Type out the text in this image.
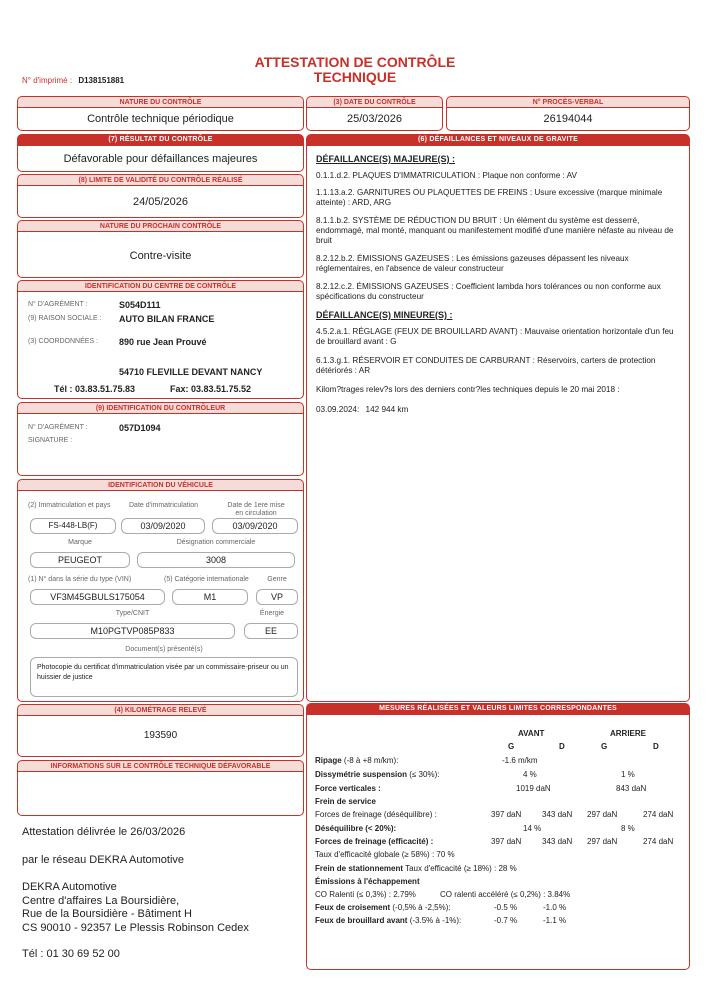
ATTESTATION DE CONTRÔLE
TECHNIQUE
N° d'imprimé : D138151881
NATURE DU CONTRÔLE
Contrôle technique périodique
(3) DATE DU CONTRÔLE
25/03/2026
N° PROCÈS-VERBAL
26194044
(7) RÉSULTAT DU CONTRÔLE
Défavorable pour défaillances majeures
(8) LIMITE DE VALIDITÉ DU CONTRÔLE RÉALISÉ
24/05/2026
NATURE DU PROCHAIN CONTRÔLE
Contre-visite
IDENTIFICATION DU CENTRE DE CONTRÔLE
N° D'AGRÉMENT :	S054D111
(9) RAISON SOCIALE : AUTO BILAN FRANCE
(3) COORDONNÉES : 890 rue Jean Prouvé
54710 FLEVILLE DEVANT NANCY
Tél : 03.83.51.75.83	Fax: 03.83.51.75.52
(9) IDENTIFICATION DU CONTRÔLEUR
N° D'AGRÉMENT :	057D1094
SIGNATURE :
IDENTIFICATION DU VÉHICULE
(2) Immatriculation et pays	Date d'immatriculation	Date de 1ere mise
en circulation
FS-448-LB(F)	03/09/2020	03/09/2020
Marque	Désignation commerciale
PEUGEOT	3008
(1) N° dans la série du type (VIN)	(5) Catégorie internationale	Genre
VF3M45GBULS175054	M1	VP
Type/CNIT	Énergie
M10PGTVP085P833	EE
Document(s) présenté(s)
Photocopie du certificat d'immatriculation visée par un commissaire-priseur ou un huissier de justice
(4) KILOMÉTRAGE RELEVÉ
193590
INFORMATIONS SUR LE CONTRÔLE TECHNIQUE DÉFAVORABLE
Attestation délivrée le 26/03/2026
par le réseau DEKRA Automotive
DEKRA Automotive
Centre d'affaires La Boursidière,
Rue de la Boursidière - Bâtiment H
CS 90010 - 92357 Le Plessis Robinson Cedex
Tél : 01 30 69 52 00
(6) DÉFAILLANCES ET NIVEAUX DE GRAVITE
DÉFAILLANCE(S) MAJEURE(S) :
0.1.1.d.2. PLAQUES D'IMMATRICULATION : Plaque non conforme : AV
1.1.13.a.2. GARNITURES OU PLAQUETTES DE FREINS : Usure excessive (marque minimale atteinte) : ARD, ARG
8.1.1.b.2. SYSTÈME DE RÉDUCTION DU BRUIT : Un élément du système est desserré, endommagé, mal monté, manquant ou manifestement modifié d'une manière néfaste au niveau de bruit
8.2.12.b.2. ÉMISSIONS GAZEUSES : Les émissions gazeuses dépassent les niveaux réglementaires, en l'absence de valeur constructeur
8.2.12.c.2. ÉMISSIONS GAZEUSES : Coefficient lambda hors tolérances ou non conforme aux spécifications du constructeur
DÉFAILLANCE(S) MINEURE(S) :
4.5.2.a.1. RÉGLAGE (FEUX DE BROUILLARD AVANT) : Mauvaise orientation horizontale d'un feu de brouillard avant : G
6.1.3.g.1. RÉSERVOIR ET CONDUITES DE CARBURANT : Réservoirs, carters de protection détériorés : AR
Kilom?trages relev?s lors des derniers contr?les techniques depuis le 20 mai 2018 :
03.09.2024: 142 944 km
MESURES RÉALISÉES ET VALEURS LIMITES CORRESPONDANTES
AVANT	ARRIERE
G	D	G	D
Ripage (-8 à +8 m/km):	-1.6 m/km
Dissymétrie suspension (≤ 30%):	4 %	1 %
Force verticales :	1019 daN	843 daN
Frein de service
Forces de freinage (déséquilibre) :	397 daN	343 daN 297 daN	274 daN
Déséquilibre (< 20%):	14 %	8 %
Forces de freinage (efficacité) :	397 daN	343 daN 297 daN	274 daN
Taux d'efficacité globale (≥ 58%) : 70 %
Frein de stationnement Taux d'efficacité (≥ 18%) : 28 %
Émissions à l'échappement
CO Ralenti (≤ 0,3%) : 2.79%	CO ralenti accéléré (≤ 0,2%) : 3.84%
Feux de croisement (-0,5% à -2,5%):	-0.5 %	-1.0 %
Feux de brouillard avant (-3.5% à -1%):	-0.7 %	-1.1 %
